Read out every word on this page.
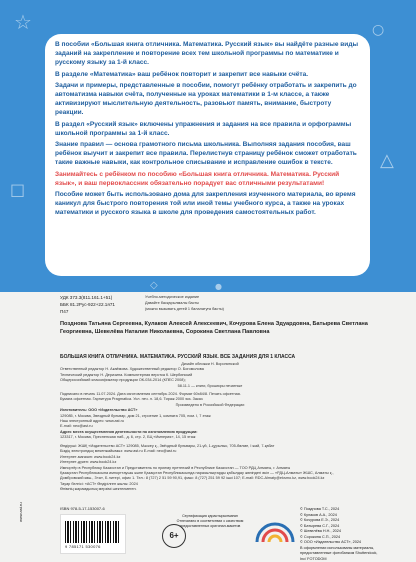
☆	○
△
□
◇	●

В пособии «Большая книга отличника. Математика. Русский язык» вы найдёте разные виды заданий на закрепление и повторение всех тем школьной программы по математике и русскому языку за 1-й класс.

В разделе «Математика» ваш ребёнок повторит и закрепит все навыки счёта.

Задачи и примеры, представленные в пособии, помогут ребёнку отработать и закрепить до автоматизма навыки счёта, полученные на уроках математики в 1-м классе, а также активизируют мыслительную деятельность, разовьют память, внимание, быстроту реакции.

В раздел «Русский язык» включены упражнения и задания на все правила и орфограммы школьной программы за 1-й класс.

Знание правил — основа грамотного письма школьника. Выполняя задания пособия, ваш ребёнок выучит и закрепит все правила. Перелистнув страницу ребёнок сможет отработать такие важные навыки, как контрольное списывание и исправление ошибок в тексте.

Занимайтесь с ребёнком по пособию «Большая книга отличника. Математика. Русский язык», и ваш первоклассник обязательно порадует вас отличными результатами!

Пособие может быть использовано дома для закрепления изученного материала, во время каникул для быстрого повторения той или иной темы учебного курса, а также на уроках математики и русского языка в школе для проведения самостоятельных работ.

УДК 373.3(811.161.1+51)
ББК 81.2Рус-922+22.1я71
П47
Учебно-методическое издание
Давайте басқарылмалы басты
(можно вызывать детей 1 балалатуға басты)
Позднова Татьяна Сергеевна, Кулаков Алексей Алексеевич, Кочурова Елена Эдуардовна, Батырева Светлана Георгиевна, Шевелёва Наталия Николаевна, Сорокина Светлана Павловна
БОЛЬШАЯ КНИГА ОТЛИЧНИКА. МАТЕМАТИКА. РУССКИЙ ЯЗЫК. ВСЕ ЗАДАНИЯ ДЛЯ 1 КЛАССА
Дизайн обложки Н. Воронинской
Ответственный редактор Н. Акаёмова. Художественный редактор О. Богомолова
Технический редактор Н. Деризина. Компьютерная верстка К. Шербинский
Общероссийский классификатор продукции ОК-034-2014 (КПЕС 2008);
58.11.1 — книги, брошюры печатные
Подписано в печать 11.07.2024. Дата изготовления сентябрь 2024. Формат 60х84/8. Печать офсетная.
Бумага офсетная. Гарнитура Pragmatica. Усл. печ. л. 18,6. Тираж 2000 экз. Заказ
Произведено в Российской Федерации
Изготовитель: ООО «Издательство АСТ»
129085, г. Москва, Звездный бульвар, дом 21, строение 1, комната 705, пом. I, 7 этаж
Наш электронный адрес: www.ast.ru
E-mail: neo@ast.ru
Адрес места осуществления деятельности по изготовлению продукции:
123317, г. Москва, Пресненская наб., д. 6, стр. 2, БЦ «Империя», 14, 15 этаж
Өндіруші: ЖШҚ «Издательство АСТ» 129085, Мәскеу қ., Звёздный бульвары, 21-үй, 1-құрылыс, 705-бөлме, I жай, 7-қабат
Біздің электрондық мекенжайымыз: www.ast.ru E-mail: neo@ast.ru
Интернет-магазин: www.book24.kz
Интернет-дүкен: www.book24.kz
Импортёр в Республику Казахстан и Представитель по приему претензий в Республике Казахстан — ТОО РДЦ Алматы, г. Алматы
Қазақстан Республикасына импорттаушы және Қазақстан Республикасында наразылықтарды қабылдау жөніндегі өкіл — «РДЦ-Алматы» ЖШС, Алматы қ.,
Домбровский көш., 3«а», Б литері, офис 1. Тел.: 8 (727) 2 51 59 90,91, факс: 8 (727) 251 59 92 ішкі 107; E-mail: RDC-Almaty@eksmo.kz, www.book24.kz
Тауар белгісі: «АСТ» Өндірілген жылы: 2024
Өнімнің жарамдылық мерзімі шектелмеген.
Сертификация қарастырылмаған
Отпечатано в соответствии с качеством предоставленных оригинал-макетов
www.ast.ru	ISBN 978-5-17-153007-6
9 785171 530076
6+
© Позднова Т.С., 2024
© Кулаков А.А., 2024
© Кочурова Е.Э., 2024
© Батырева С.Г., 2024
© Шевелёва Н.Н., 2024
© Сорокина С.П., 2024
© ООО «Издательство АСТ», 2024
В оформлении использованы материалы,
предоставленные фотобанком Shutterstock,
Inc/ FOTODOM
